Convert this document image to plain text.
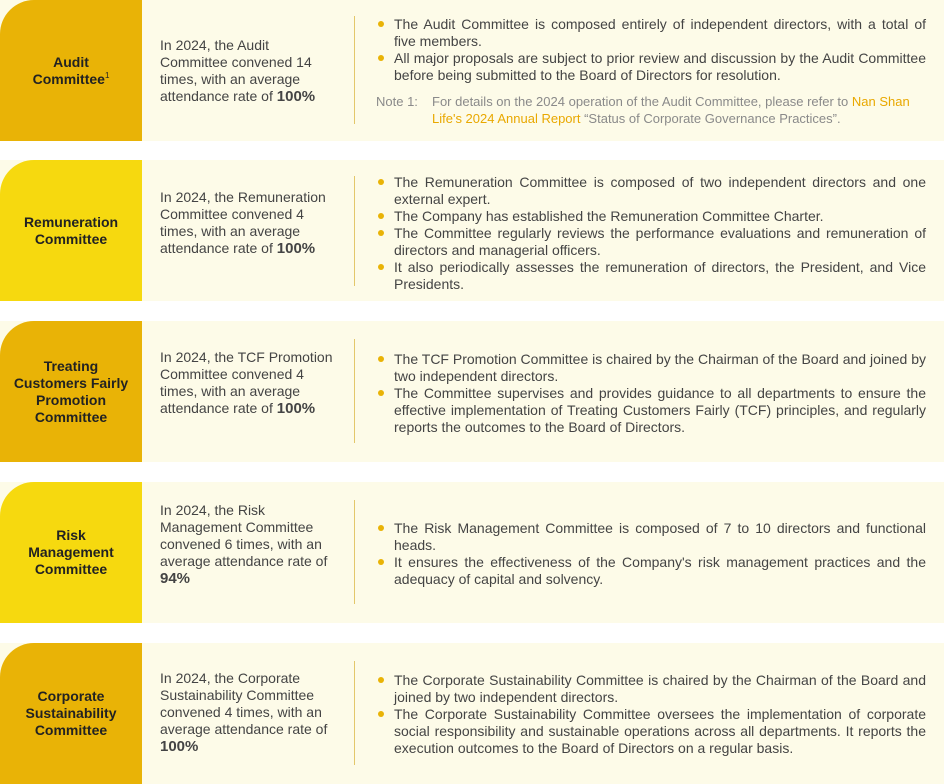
Audit Committee$^1$
In 2024, the Audit Committee convened 14 times, with an average attendance rate of 100%
The Audit Committee is composed entirely of independent directors, with a total of five members.
All major proposals are subject to prior review and discussion by the Audit Committee before being submitted to the Board of Directors for resolution.
Note 1:	For details on the 2024 operation of the Audit Committee, please refer to Nan Shan Life's 2024 Annual Report “Status of Corporate Governance Practices”.
Remuneration Committee
In 2024, the Remuneration Committee convened 4 times, with an average attendance rate of 100%
The Remuneration Committee is composed of two independent directors and one external expert.
The Company has established the Remuneration Committee Charter.
The Committee regularly reviews the performance evaluations and remuneration of directors and managerial officers.
It also periodically assesses the remuneration of directors, the President, and Vice Presidents.
Treating Customers Fairly Promotion Committee
In 2024, the TCF Promotion Committee convened 4 times, with an average attendance rate of 100%
The TCF Promotion Committee is chaired by the Chairman of the Board and joined by two independent directors.
The Committee supervises and provides guidance to all departments to ensure the effective implementation of Treating Customers Fairly (TCF) principles, and regularly reports the outcomes to the Board of Directors.
Risk Management Committee
In 2024, the Risk Management Committee convened 6 times, with an average attendance rate of 94%
The Risk Management Committee is composed of 7 to 10 directors and functional heads.
It ensures the effectiveness of the Company's risk management practices and the adequacy of capital and solvency.
Corporate Sustainability Committee
In 2024, the Corporate Sustainability Committee convened 4 times, with an average attendance rate of 100%
The Corporate Sustainability Committee is chaired by the Chairman of the Board and joined by two independent directors.
The Corporate Sustainability Committee oversees the implementation of corporate social responsibility and sustainable operations across all departments. It reports the execution outcomes to the Board of Directors on a regular basis.
